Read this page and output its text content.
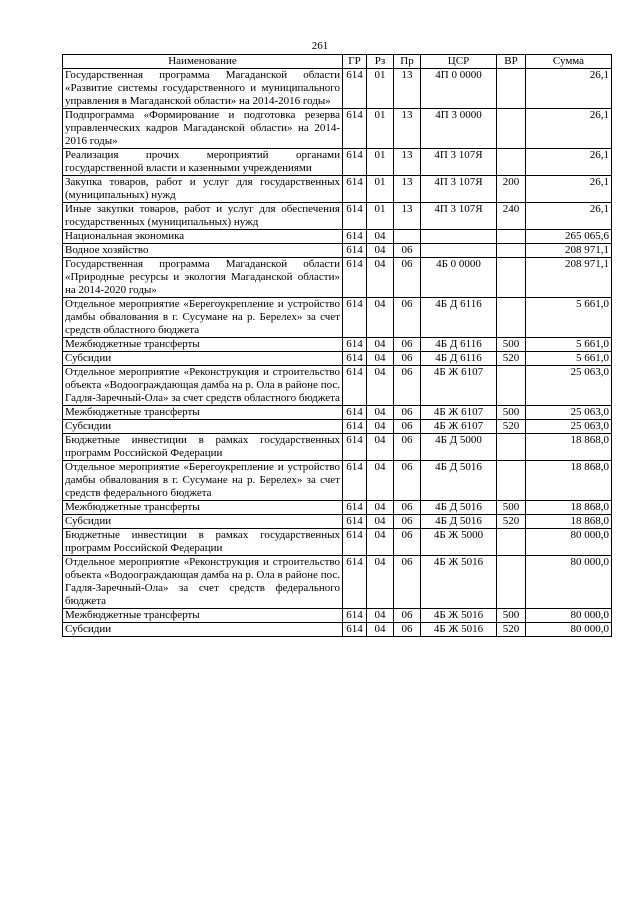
261
Наименование	ГР	Рз	Пр	ЦСР	ВР	Сумма
Государственная программа Магаданской области «Развитие системы государственного и муниципального управления в Магаданской области» на 2014-2016 годы»	614	01	13	4П 0 0000		26,1
Подпрограмма «Формирование и подготовка резерва управленческих кадров Магаданской области» на 2014-2016 годы»	614	01	13	4П 3 0000		26,1
Реализация прочих мероприятий органами государственной власти и казенными учреждениями	614	01	13	4П 3 107Я		26,1
Закупка товаров, работ и услуг для государственных (муниципальных) нужд	614	01	13	4П 3 107Я	200	26,1
Иные закупки товаров, работ и услуг для обеспечения государственных (муниципальных) нужд	614	01	13	4П 3 107Я	240	26,1
Национальная экономика	614	04				265 065,6
Водное хозяйство	614	04	06			208 971,1
Государственная программа Магаданской области «Природные ресурсы и экология Магаданской области» на 2014-2020 годы»	614	04	06	4Б 0 0000		208 971,1
Отдельное мероприятие «Берегоукрепление и устройство дамбы обвалования в г. Сусумане на р. Берелех» за счет средств областного бюджета	614	04	06	4Б Д 6116		5 661,0
Межбюджетные трансферты	614	04	06	4Б Д 6116	500	5 661,0
Субсидии	614	04	06	4Б Д 6116	520	5 661,0
Отдельное мероприятие «Реконструкция и строительство объекта «Водоограждающая дамба на р. Ола в районе пос. Гадля-Заречный-Ола» за счет средств областного бюджета	614	04	06	4Б Ж 6107		25 063,0
Межбюджетные трансферты	614	04	06	4Б Ж 6107	500	25 063,0
Субсидии	614	04	06	4Б Ж 6107	520	25 063,0
Бюджетные инвестиции в рамках государственных программ Российской Федерации	614	04	06	4Б Д 5000		18 868,0
Отдельное мероприятие «Берегоукрепление и устройство дамбы обвалования в г. Сусумане на р. Берелех» за счет средств федерального бюджета	614	04	06	4Б Д 5016		18 868,0
Межбюджетные трансферты	614	04	06	4Б Д 5016	500	18 868,0
Субсидии	614	04	06	4Б Д 5016	520	18 868,0
Бюджетные инвестиции в рамках государственных программ Российской Федерации	614	04	06	4Б Ж 5000		80 000,0
Отдельное мероприятие «Реконструкция и строительство объекта «Водоограждающая дамба на р. Ола в районе пос. Гадля-Заречный-Ола» за счет средств федерального бюджета	614	04	06	4Б Ж 5016		80 000,0
Межбюджетные трансферты	614	04	06	4Б Ж 5016	500	80 000,0
Субсидии	614	04	06	4Б Ж 5016	520	80 000,0
